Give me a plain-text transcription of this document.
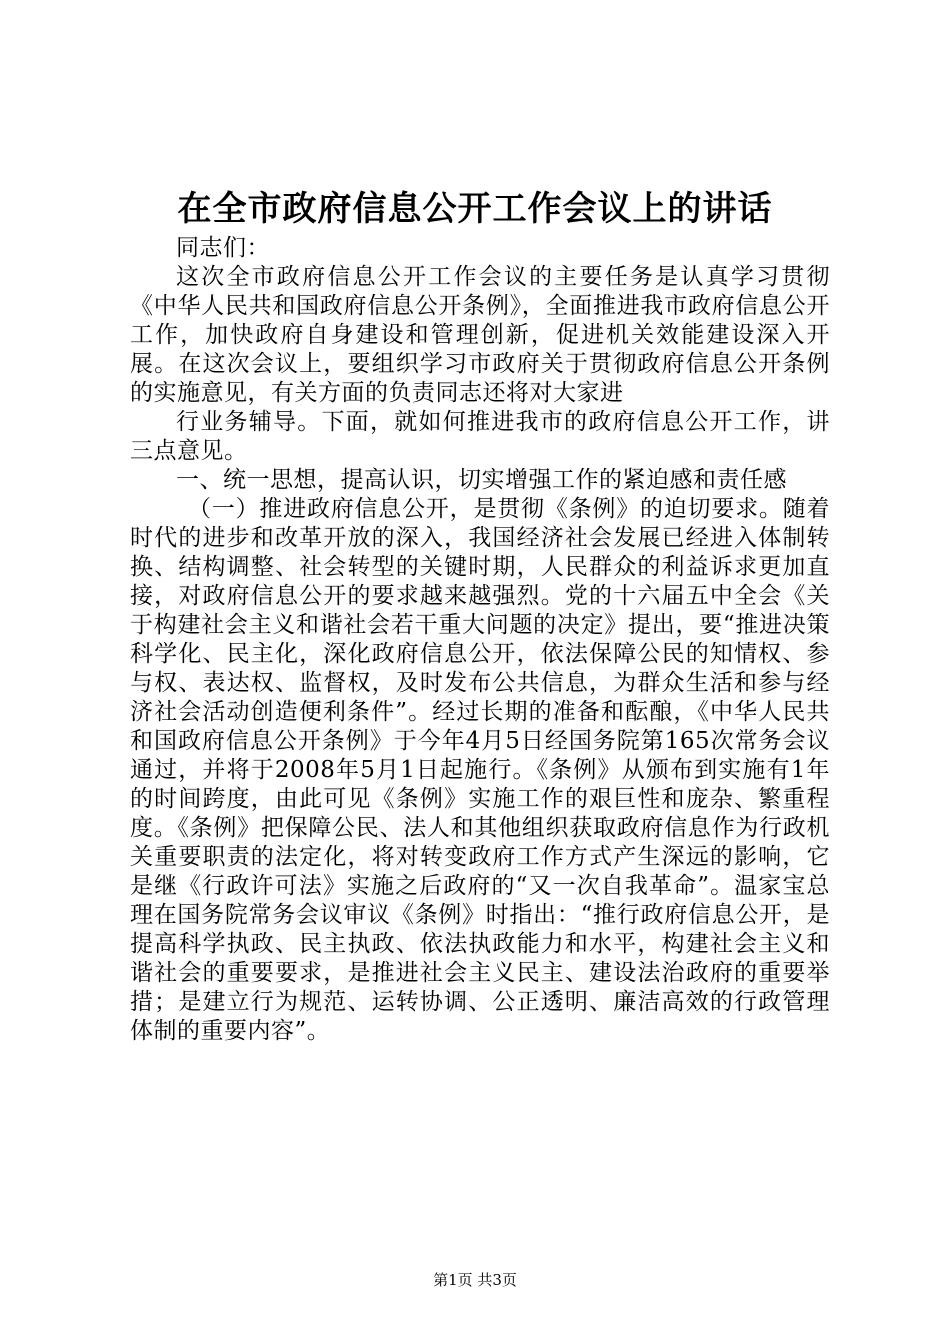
在全市政府信息公开工作会议上的讲话

同志们：

这次全市政府信息公开工作会议的主要任务是认真学习贯彻《中华人民共和国政府信息公开条例》，全面推进我市政府信息公开工作，加快政府自身建设和管理创新，促进机关效能建设深入开展。在这次会议上，要组织学习市政府关于贯彻政府信息公开条例的实施意见，有关方面的负责同志还将对大家进

行业务辅导。下面，就如何推进我市的政府信息公开工作，讲三点意见。

一、统一思想，提高认识，切实增强工作的紧迫感和责任感

（一）推进政府信息公开，是贯彻《条例》的迫切要求。随着时代的进步和改革开放的深入，我国经济社会发展已经进入体制转换、结构调整、社会转型的关键时期，人民群众的利益诉求更加直接，对政府信息公开的要求越来越强烈。党的十六届五中全会《关于构建社会主义和谐社会若干重大问题的决定》提出，要“推进决策科学化、民主化，深化政府信息公开，依法保障公民的知情权、参与权、表达权、监督权，及时发布公共信息，为群众生活和参与经济社会活动创造便利条件”。经过长期的准备和酝酿，《中华人民共和国政府信息公开条例》于今年4月5日经国务院第165次常务会议通过，并将于2008年5月1日起施行。《条例》从颁布到实施有1年的时间跨度，由此可见《条例》实施工作的艰巨性和庞杂、繁重程度。《条例》把保障公民、法人和其他组织获取政府信息作为行政机关重要职责的法定化，将对转变政府工作方式产生深远的影响，它是继《行政许可法》实施之后政府的“又一次自我革命”。温家宝总理在国务院常务会议审议《条例》时指出：“推行政府信息公开，是提高科学执政、民主执政、依法执政能力和水平，构建社会主义和谐社会的重要要求，是推进社会主义民主、建设法治政府的重要举措；是建立行为规范、运转协调、公正透明、廉洁高效的行政管理体制的重要内容”。

第1页 共3页
